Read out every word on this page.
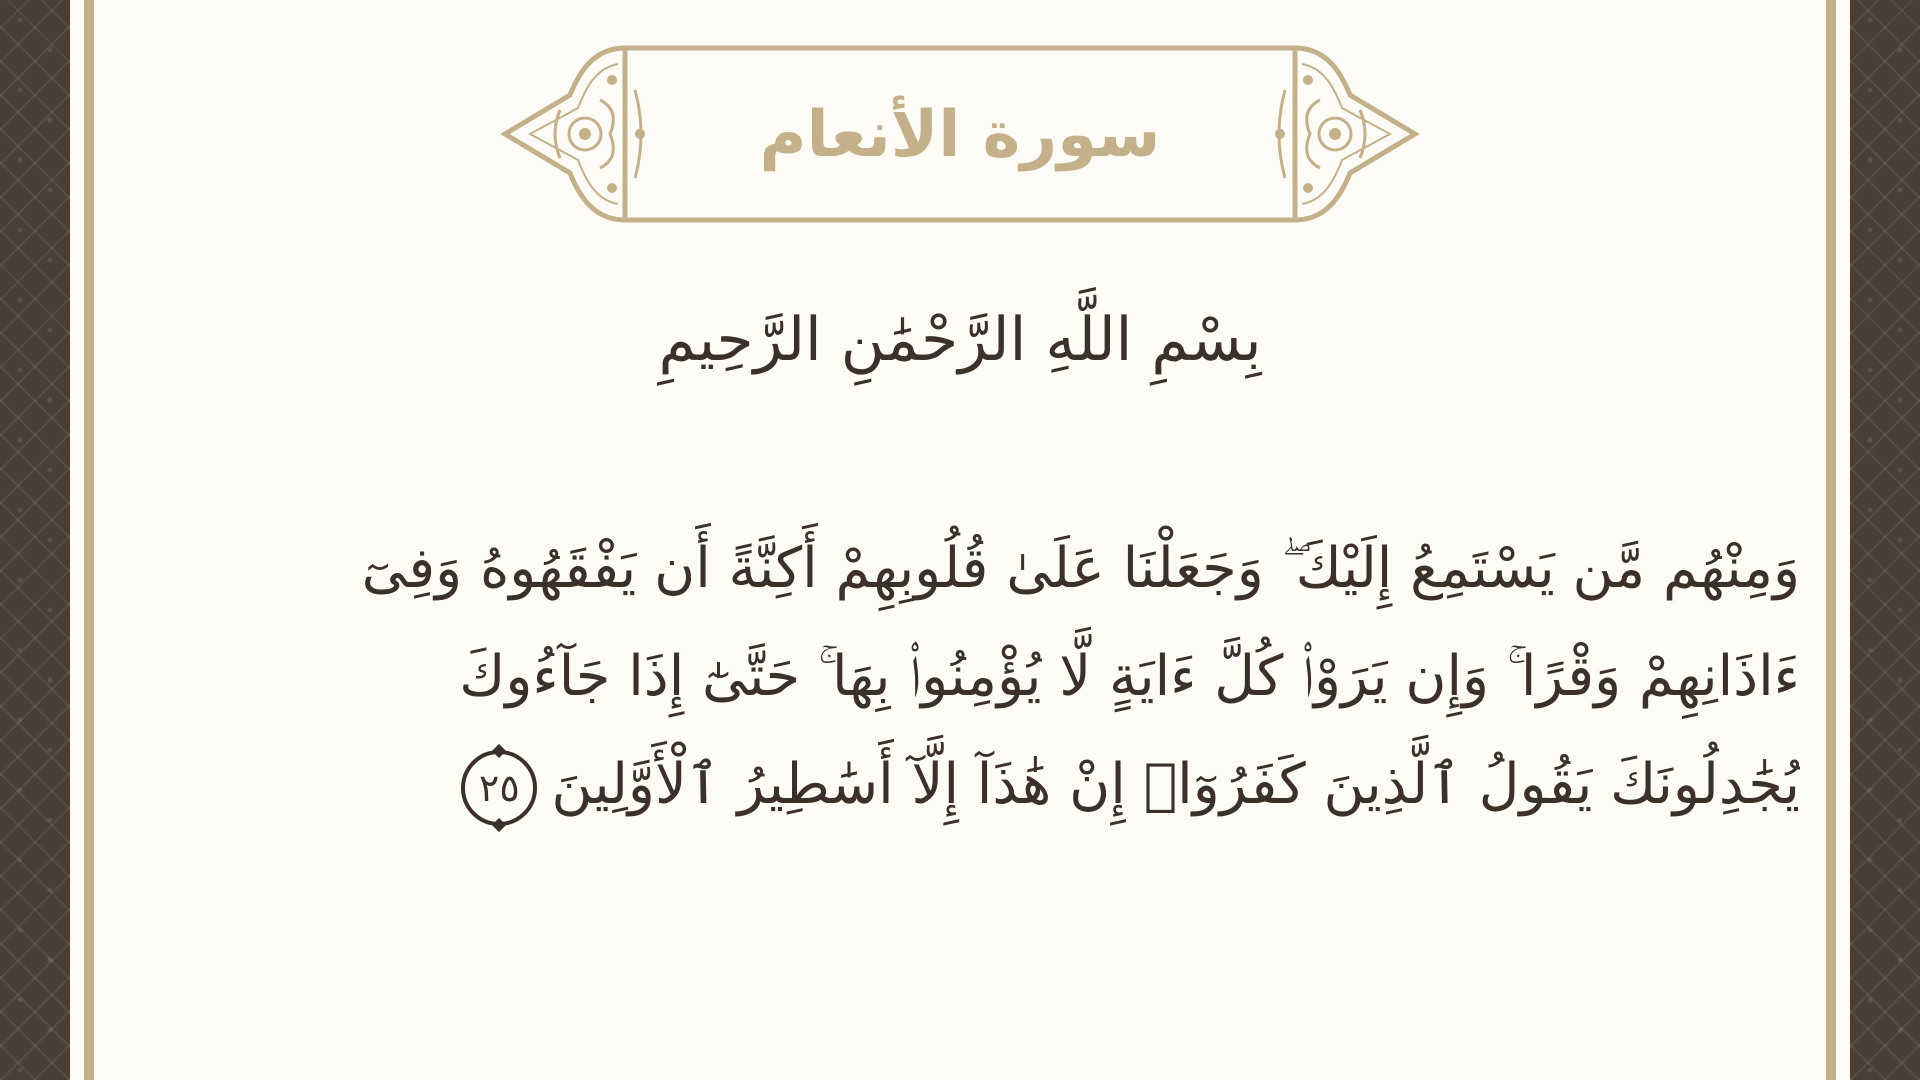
سورة الأنعام
بِسْمِ اللَّهِ الرَّحْمَٰنِ الرَّحِيمِ
وَمِنْهُم مَّن يَسْتَمِعُ إِلَيْكَ ۖ وَجَعَلْنَا عَلَىٰ قُلُوبِهِمْ أَكِنَّةً أَن يَفْقَهُوهُ وَفِىٓ
ءَاذَانِهِمْ وَقْرًا ۚ وَإِن يَرَوْا۟ كُلَّ ءَايَةٍ لَّا يُؤْمِنُوا۟ بِهَا ۚ حَتَّىٰٓ إِذَا جَآءُوكَ
يُجَٰدِلُونَكَ يَقُولُ ٱلَّذِينَ كَفَرُوٓا۟ إِنْ هَٰذَآ إِلَّآ أَسَٰطِيرُ ٱلْأَوَّلِينَ٢٥
